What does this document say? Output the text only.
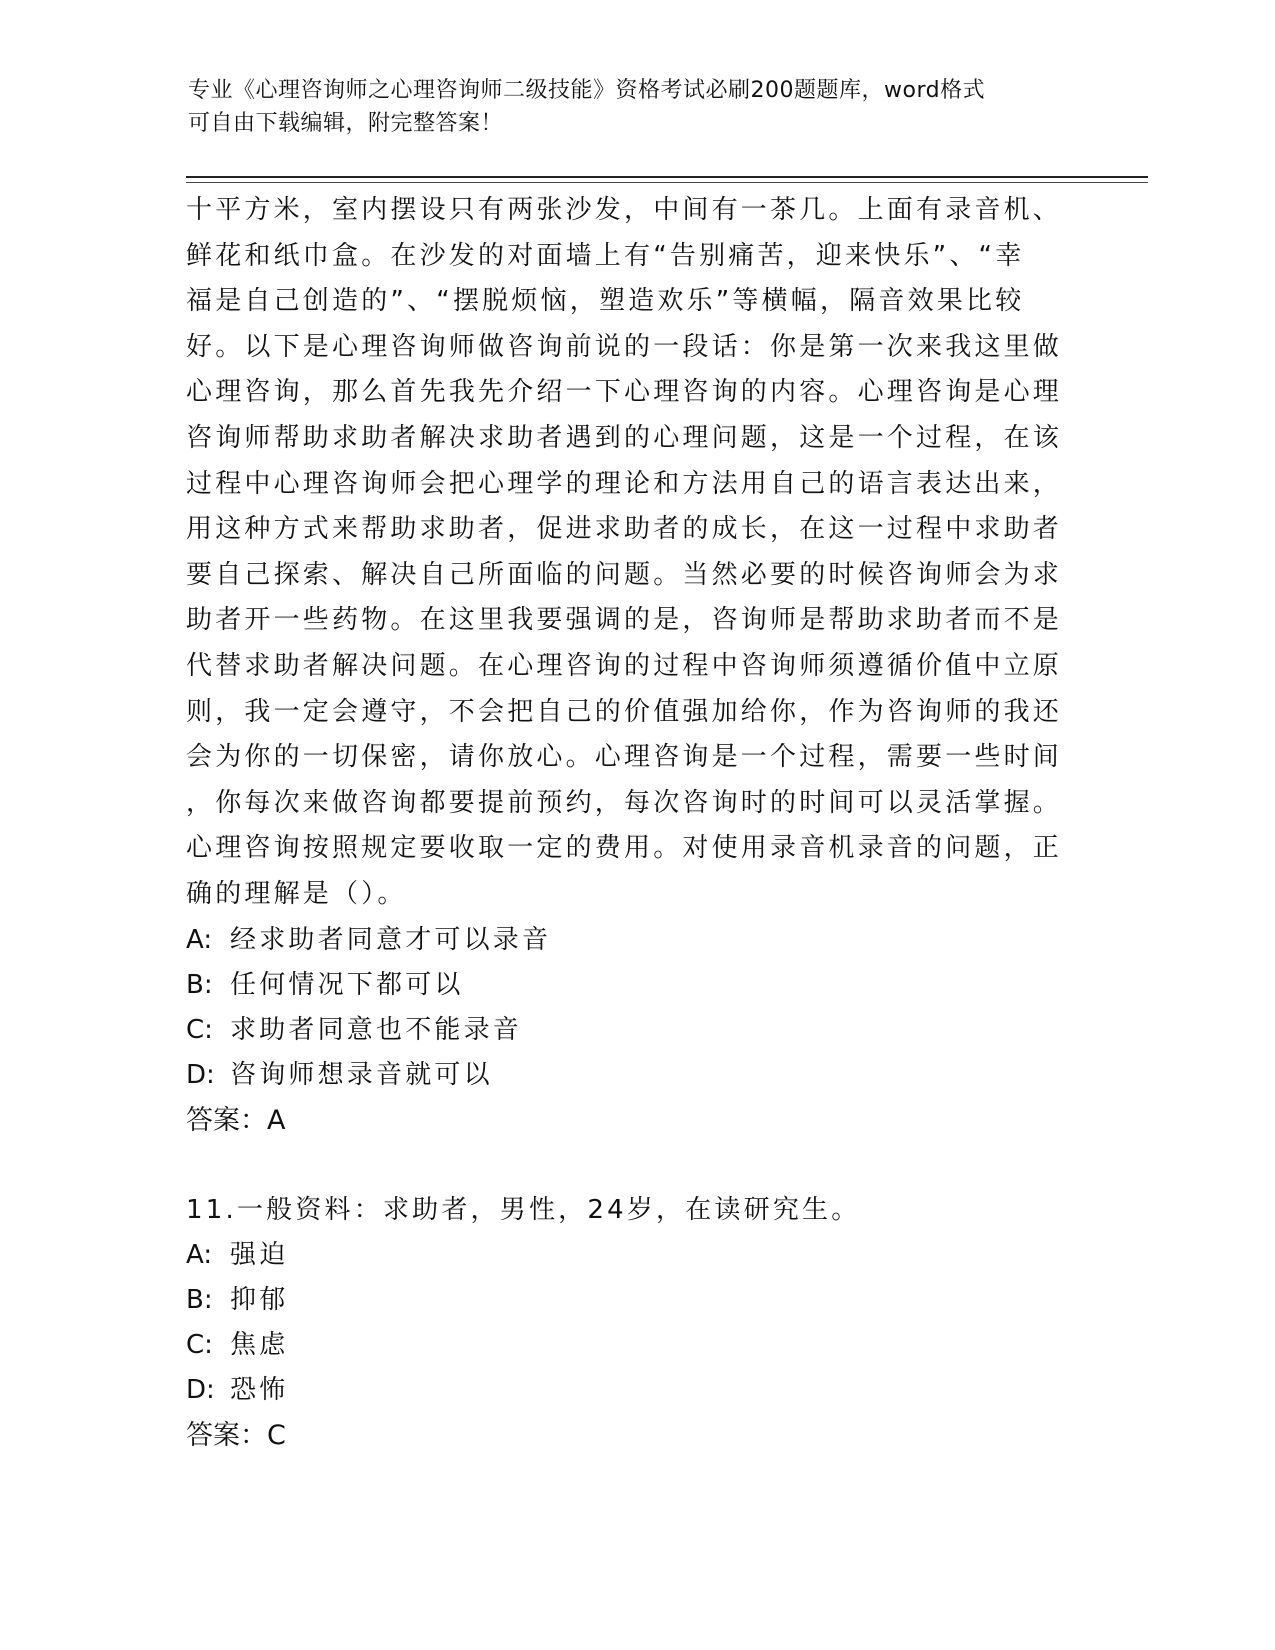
专业《心理咨询师之心理咨询师二级技能》资格考试必刷200题题库，word格式
可自由下载编辑，附完整答案！
十平方米，室内摆设只有两张沙发，中间有一茶几。上面有录音机、
鲜花和纸巾盒。在沙发的对面墙上有“告别痛苦，迎来快乐”、“幸
福是自己创造的”、“摆脱烦恼，塑造欢乐”等横幅，隔音效果比较
好。以下是心理咨询师做咨询前说的一段话：你是第一次来我这里做
心理咨询，那么首先我先介绍一下心理咨询的内容。心理咨询是心理
咨询师帮助求助者解决求助者遇到的心理问题，这是一个过程，在该
过程中心理咨询师会把心理学的理论和方法用自己的语言表达出来，
用这种方式来帮助求助者，促进求助者的成长，在这一过程中求助者
要自己探索、解决自己所面临的问题。当然必要的时候咨询师会为求
助者开一些药物。在这里我要强调的是，咨询师是帮助求助者而不是
代替求助者解决问题。在心理咨询的过程中咨询师须遵循价值中立原
则，我一定会遵守，不会把自己的价值强加给你，作为咨询师的我还
会为你的一切保密，请你放心。心理咨询是一个过程，需要一些时间
，你每次来做咨询都要提前预约，每次咨询时的时间可以灵活掌握。
心理咨询按照规定要收取一定的费用。对使用录音机录音的问题，正
确的理解是（）。
A: 经求助者同意才可以录音
B: 任何情况下都可以
C: 求助者同意也不能录音
D: 咨询师想录音就可以
答案：A
11.一般资料：求助者，男性，24岁，在读研究生。
A: 强迫
B: 抑郁
C: 焦虑
D: 恐怖
答案：C
